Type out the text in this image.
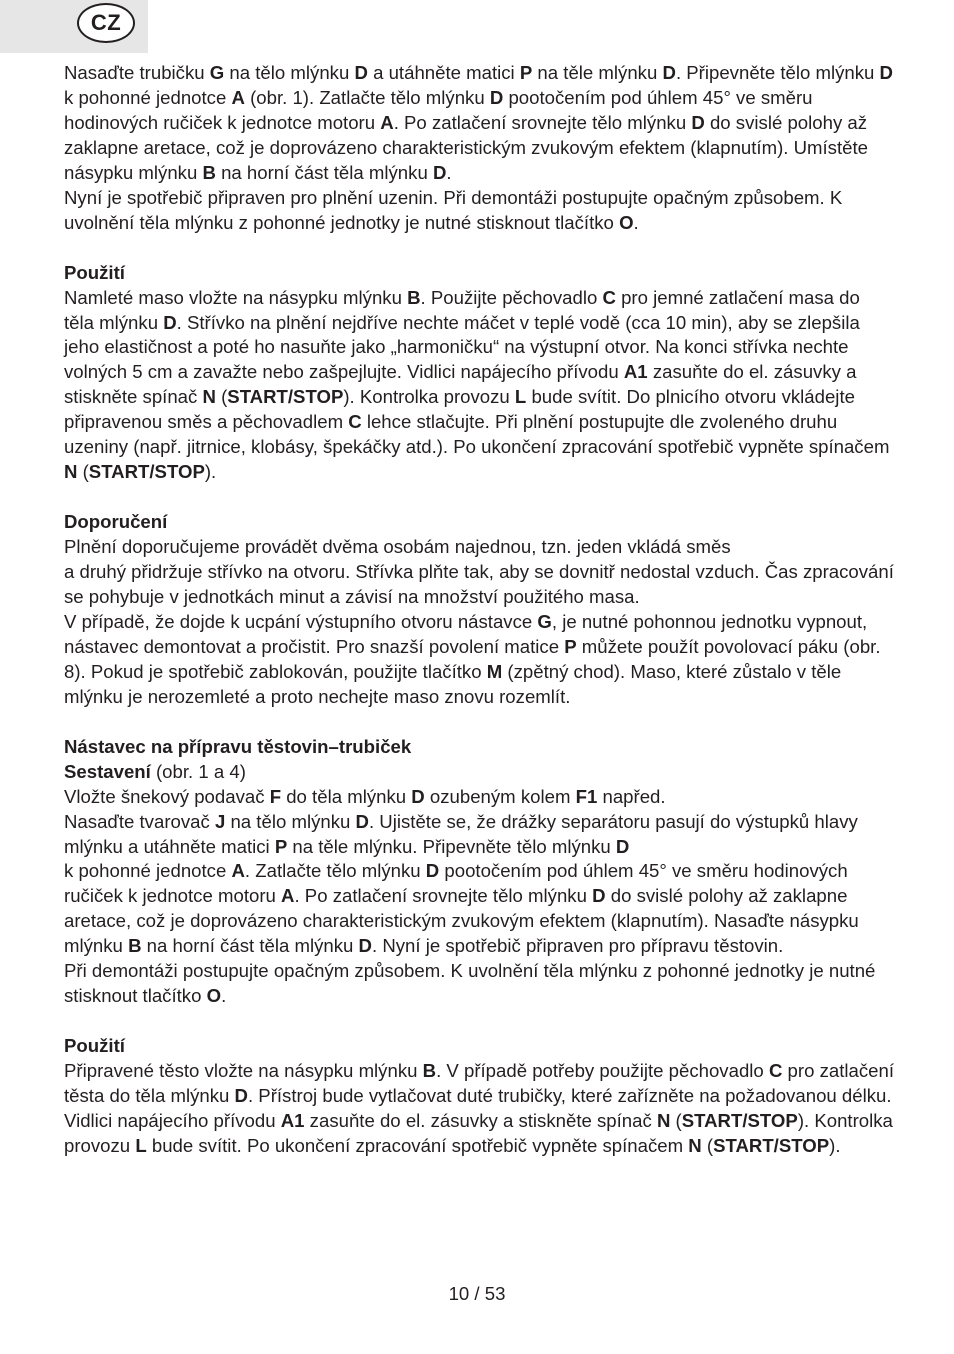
CZ

Nasaďte trubičku G na tělo mlýnku D a utáhněte matici P na těle mlýnku D. Připevněte tělo mlýnku D k pohonné jednotce A (obr. 1). Zatlačte tělo mlýnku D pootočením pod úhlem 45° ve směru hodinových ručiček k jednotce motoru A. Po zatlačení srovnejte tělo mlýnku D do svislé polohy až zaklapne aretace, což je doprovázeno charakteristickým zvukovým efektem (klapnutím). Umístěte násypku mlýnku B na horní část těla mlýnku D.

Nyní je spotřebič připraven pro plnění uzenin. Při demontáži postupujte opačným způsobem. K uvolnění těla mlýnku z pohonné jednotky je nutné stisknout tlačítko O.

Použití

Namleté maso vložte na násypku mlýnku B. Použijte pěchovadlo C pro jemné zatlačení masa do těla mlýnku D. Střívko na plnění nejdříve nechte máčet v teplé vodě (cca 10 min), aby se zlepšila jeho elastičnost a poté ho nasuňte jako „harmoničku“ na výstupní otvor. Na konci střívka nechte volných 5 cm a zavažte nebo zašpejlujte. Vidlici napájecího přívodu A1 zasuňte do el. zásuvky a stiskněte spínač N (START/STOP). Kontrolka provozu L bude svítit. Do plnicího otvoru vkládejte připravenou směs a pěchovadlem C lehce stlačujte. Při plnění postupujte dle zvoleného druhu uzeniny (např. jitrnice, klobásy, špekáčky atd.). Po ukončení zpracování spotřebič vypněte spínačem N (START/STOP).

Doporučení

Plnění doporučujeme provádět dvěma osobám najednou, tzn. jeden vkládá směs

a druhý přidržuje střívko na otvoru. Střívka plňte tak, aby se dovnitř nedostal vzduch. Čas zpracování se pohybuje v jednotkách minut a závisí na množství použitého masa.

V případě, že dojde k ucpání výstupního otvoru nástavce G, je nutné pohonnou jednotku vypnout, nástavec demontovat a pročistit. Pro snazší povolení matice P můžete použít povolovací páku (obr. 8). Pokud je spotřebič zablokován, použijte tlačítko M (zpětný chod). Maso, které zůstalo v těle mlýnku je nerozemleté a proto nechejte maso znovu rozemlít.

Nástavec na přípravu těstovin–trubiček

Sestavení (obr. 1 a 4)

Vložte šnekový podavač F do těla mlýnku D ozubeným kolem F1 napřed.

Nasaďte tvarovač J na tělo mlýnku D. Ujistěte se, že drážky separátoru pasují do výstupků hlavy mlýnku a utáhněte matici P na těle mlýnku. Připevněte tělo mlýnku D

k pohonné jednotce A. Zatlačte tělo mlýnku D pootočením pod úhlem 45° ve směru hodinových ručiček k jednotce motoru A. Po zatlačení srovnejte tělo mlýnku D do svislé polohy až zaklapne aretace, což je doprovázeno charakteristickým zvukovým efektem (klapnutím). Nasaďte násypku mlýnku B na horní část těla mlýnku D. Nyní je spotřebič připraven pro přípravu těstovin.

Při demontáži postupujte opačným způsobem. K uvolnění těla mlýnku z pohonné jednotky je nutné stisknout tlačítko O.

Použití

Připravené těsto vložte na násypku mlýnku B. V případě potřeby použijte pěchovadlo C pro zatlačení těsta do těla mlýnku D. Přístroj bude vytlačovat duté trubičky, které zařízněte na požadovanou délku. Vidlici napájecího přívodu A1 zasuňte do el. zásuvky a stiskněte spínač N (START/STOP). Kontrolka provozu L bude svítit. Po ukončení zpracování spotřebič vypněte spínačem N (START/STOP).

10 / 53
